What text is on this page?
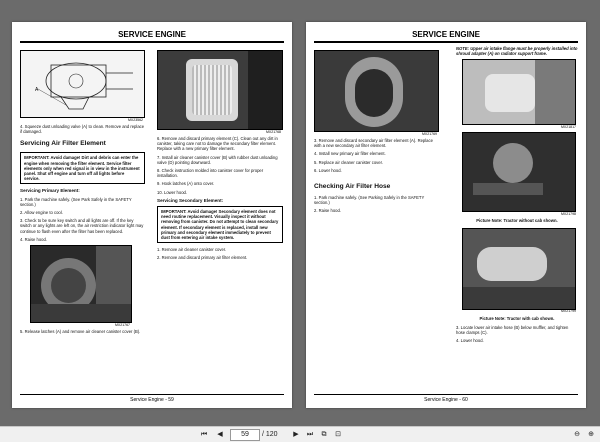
SERVICE ENGINE
A
MX23562
4. Squeeze dust unloading valve (A) to clean. Remove and replace if damaged.
Servicing Air Filter Element
IMPORTANT: Avoid damage! Dirt and debris can enter the engine when removing the filter element. Service filter elements only when red signal is in view in the instrument panel. Shut off engine and turn off all lights before service.
Servicing Primary Element:
1. Park the machine safely. (See Park Safely in the SAFETY section.)
2. Allow engine to cool.
3. Check to be sure key switch and all lights are off. If the key switch or any lights are left on, the air restriction indicator light may continue to flash even after the filter has been replaced.
4. Raise hood.
MX21767
5. Release latches (A) and remove air cleaner canister cover (B).
MX21768
6. Remove and discard primary element (C). Clean out any dirt in canister, taking care not to damage the secondary filter element. Replace with a new primary filter element.
7. Install air cleaner canister cover (B) with rubber dust unloading valve (D) pointing downward.
8. Check instruction molded into canister cover for proper installation.
9. Hook latches (A) onto cover.
10. Lower hood.
Servicing Secondary Element:
IMPORTANT: Avoid damage! Secondary element does not need routine replacement. Visually inspect it without removing from canister. Do not attempt to clean secondary element. If secondary element is replaced, install new primary and secondary element immediately to prevent dust from entering air intake system.
1. Remove air cleaner canister cover.
2. Remove and discard primary air filter element.
Service Engine - 59
SERVICE ENGINE
MX21769
3. Remove and discard secondary air filter element (A). Replace with a new secondary air filter element.
4. Install new primary air filter element.
5. Replace air cleaner canister cover.
6. Lower hood.
Checking Air Filter Hose
1. Park machine safely. (See Parking Safely in the SAFETY section.)
2. Raise hood.
NOTE: Upper air intake flange must be properly installed into shroud adapter (A) on radiator support frame.
MX21817
MX21798
Picture Note: Tractor without cab shown.
MX21799
Picture Note: Tractor with cab shown.
3. Locate lower air intake hose (B) below muffler, and tighten hose clamps (C).
4. Lower hood.
Service Engine - 60
⏮	◀	59	/ 120	▶	⏭	⧉	⊡	⊖	⊕
